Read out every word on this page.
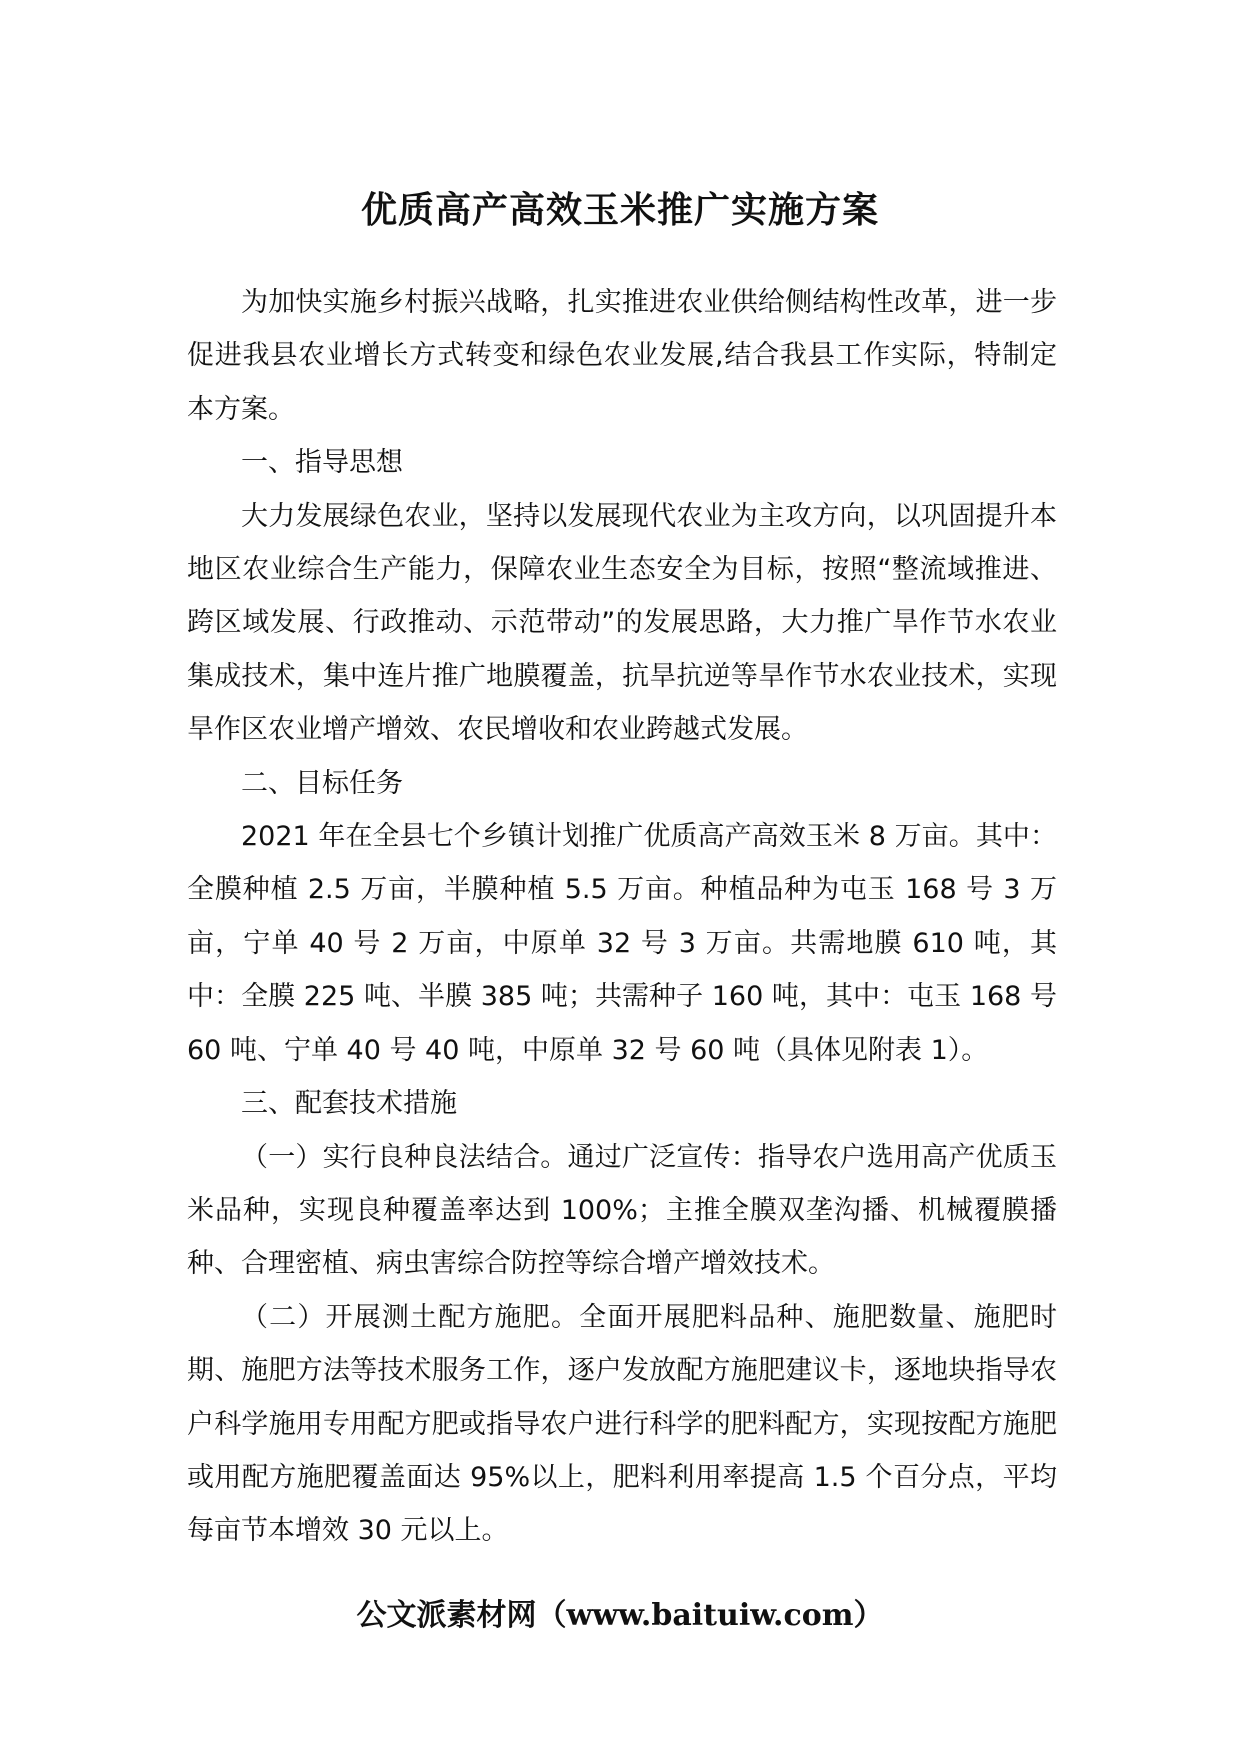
优质高产高效玉米推广实施方案

为加快实施乡村振兴战略，扎实推进农业供给侧结构性改革，进一步促进我县农业增长方式转变和绿色农业发展,结合我县工作实际，特制定本方案。

一、指导思想

大力发展绿色农业，坚持以发展现代农业为主攻方向，以巩固提升本地区农业综合生产能力，保障农业生态安全为目标，按照“整流域推进、跨区域发展、行政推动、示范带动”的发展思路，大力推广旱作节水农业集成技术，集中连片推广地膜覆盖，抗旱抗逆等旱作节水农业技术，实现旱作区农业增产增效、农民增收和农业跨越式发展。

二、目标任务

2021 年在全县七个乡镇计划推广优质高产高效玉米 8 万亩。其中：全膜种植 2.5 万亩，半膜种植 5.5 万亩。种植品种为屯玉 168 号 3 万亩，宁单 40 号 2 万亩，中原单 32 号 3 万亩。共需地膜 610 吨，其中：全膜 225 吨、半膜 385 吨；共需种子 160 吨，其中：屯玉 168 号 60 吨、宁单 40 号 40 吨，中原单 32 号 60 吨（具体见附表 1）。

三、配套技术措施

（一）实行良种良法结合。通过广泛宣传：指导农户选用高产优质玉米品种，实现良种覆盖率达到 100%；主推全膜双垄沟播、机械覆膜播种、合理密植、病虫害综合防控等综合增产增效技术。

（二）开展测土配方施肥。全面开展肥料品种、施肥数量、施肥时期、施肥方法等技术服务工作，逐户发放配方施肥建议卡，逐地块指导农户科学施用专用配方肥或指导农户进行科学的肥料配方，实现按配方施肥或用配方施肥覆盖面达 95%以上，肥料利用率提高 1.5 个百分点，平均每亩节本增效 30 元以上。

公文派素材网（www.baituiw.com）
